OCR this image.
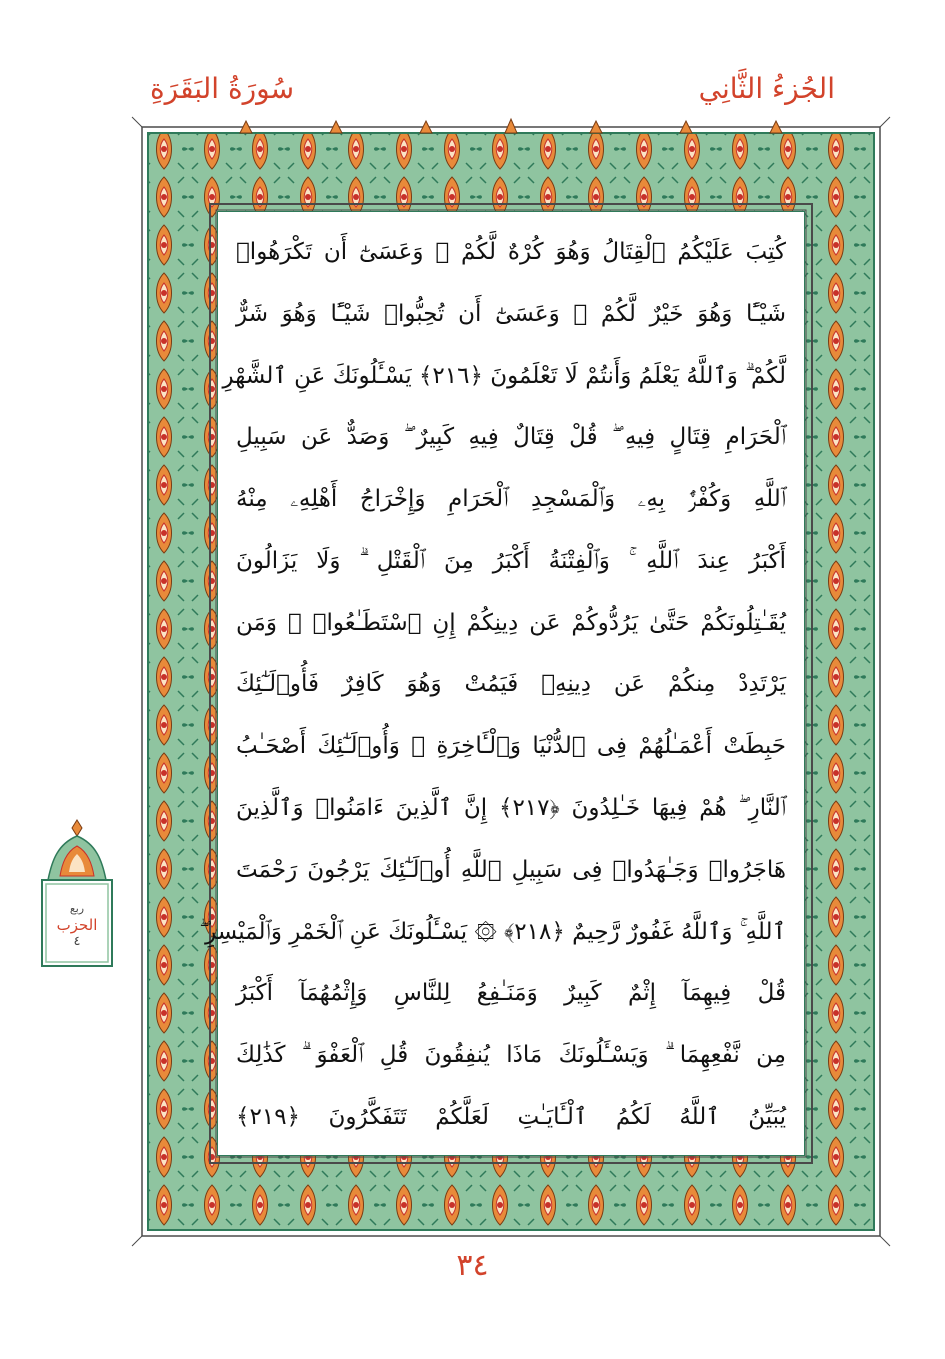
سُورَةُ البَقَرَةِ	الجُزءُ الثَّانِي
كُتِبَ عَلَيْكُمُ ٱلْقِتَالُ وَهُوَ كُرْهٌ لَّكُمْ ۖ وَعَسَىٰٓ أَن تَكْرَهُوا۟
شَيْـًٔا وَهُوَ خَيْرٌ لَّكُمْ ۖ وَعَسَىٰٓ أَن تُحِبُّوا۟ شَيْـًٔا وَهُوَ شَرٌّ
لَّكُمْ ۗ وَٱللَّهُ يَعْلَمُ وَأَنتُمْ لَا تَعْلَمُونَ ﴿٢١٦﴾ يَسْـَٔلُونَكَ عَنِ ٱلشَّهْرِ
ٱلْحَرَامِ قِتَالٍ فِيهِ ۖ قُلْ قِتَالٌ فِيهِ كَبِيرٌ ۖ وَصَدٌّ عَن سَبِيلِ
ٱللَّهِ وَكُفْرٌۢ بِهِۦ وَٱلْمَسْجِدِ ٱلْحَرَامِ وَإِخْرَاجُ أَهْلِهِۦ مِنْهُ
أَكْبَرُ عِندَ ٱللَّهِ ۚ وَٱلْفِتْنَةُ أَكْبَرُ مِنَ ٱلْقَتْلِ ۗ وَلَا يَزَالُونَ
يُقَـٰتِلُونَكُمْ حَتَّىٰ يَرُدُّوكُمْ عَن دِينِكُمْ إِنِ ٱسْتَطَـٰعُوا۟ ۚ وَمَن
يَرْتَدِدْ مِنكُمْ عَن دِينِهِۦ فَيَمُتْ وَهُوَ كَافِرٌ فَأُو۟لَـٰٓئِكَ
حَبِطَتْ أَعْمَـٰلُهُمْ فِى ٱلدُّنْيَا وَٱلْـَٔاخِرَةِ ۖ وَأُو۟لَـٰٓئِكَ أَصْحَـٰبُ
ٱلنَّارِ ۖ هُمْ فِيهَا خَـٰلِدُونَ ﴿٢١٧﴾ إِنَّ ٱلَّذِينَ ءَامَنُوا۟ وَٱلَّذِينَ
هَاجَرُوا۟ وَجَـٰهَدُوا۟ فِى سَبِيلِ ٱللَّهِ أُو۟لَـٰٓئِكَ يَرْجُونَ رَحْمَتَ
ٱللَّهِ ۚ وَٱللَّهُ غَفُورٌ رَّحِيمٌ ﴿٢١٨﴾ ۞ يَسْـَٔلُونَكَ عَنِ ٱلْخَمْرِ وَٱلْمَيْسِرِ ۖ
قُلْ فِيهِمَآ إِثْمٌ كَبِيرٌ وَمَنَـٰفِعُ لِلنَّاسِ وَإِثْمُهُمَآ أَكْبَرُ
مِن نَّفْعِهِمَا ۗ وَيَسْـَٔلُونَكَ مَاذَا يُنفِقُونَ قُلِ ٱلْعَفْوَ ۗ كَذَٰلِكَ
يُبَيِّنُ ٱللَّهُ لَكُمُ ٱلْـَٔايَـٰتِ لَعَلَّكُمْ تَتَفَكَّرُونَ ﴿٢١٩﴾
ربع
الحزب
٤
٣٤
